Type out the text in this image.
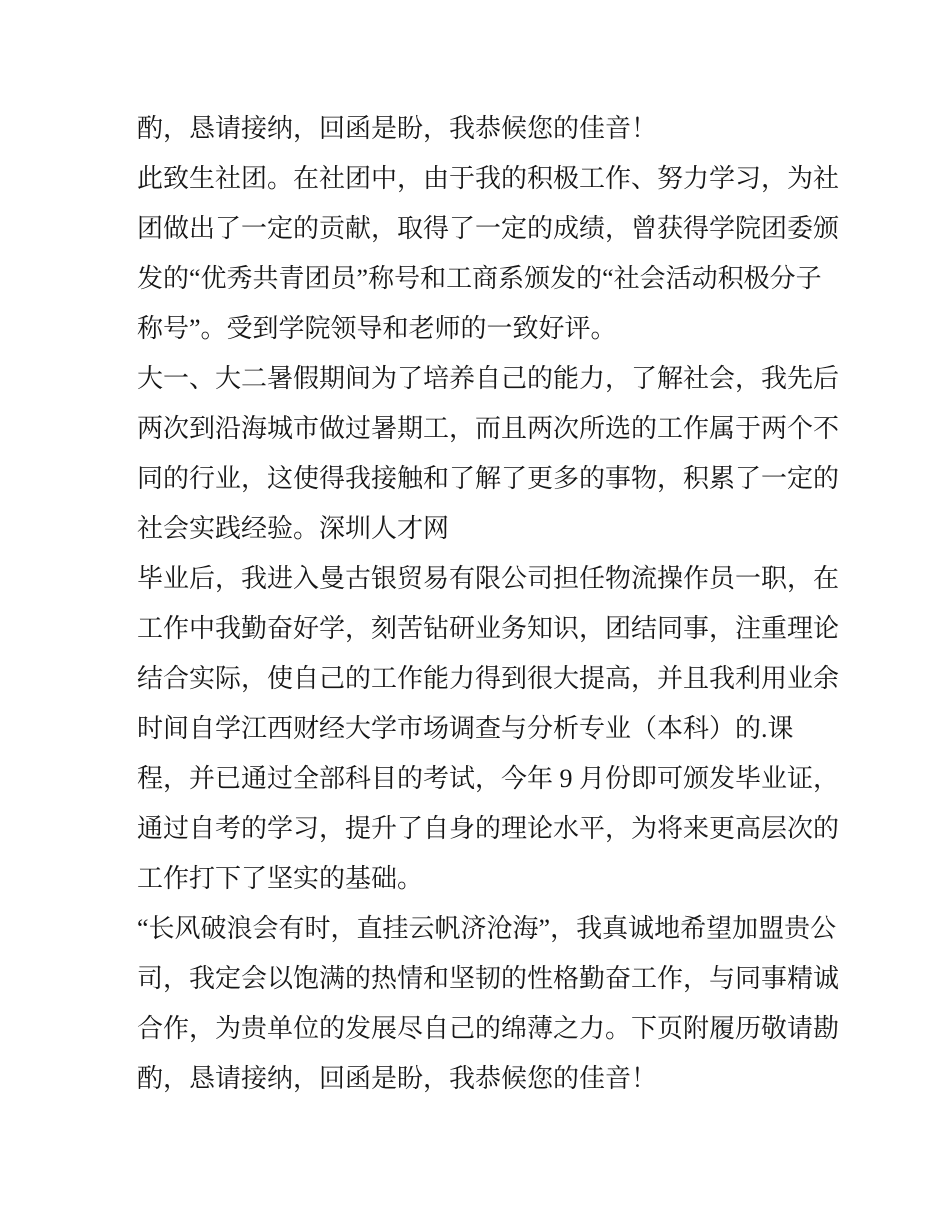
酌，恳请接纳，回函是盼，我恭候您的佳音！
此致生社团。在社团中，由于我的积极工作、努力学习，为社
团做出了一定的贡献，取得了一定的成绩，曾获得学院团委颁
发的“优秀共青团员”称号和工商系颁发的“社会活动积极分子
称号”。受到学院领导和老师的一致好评。
大一、大二暑假期间为了培养自己的能力，了解社会，我先后
两次到沿海城市做过暑期工，而且两次所选的工作属于两个不
同的行业，这使得我接触和了解了更多的事物，积累了一定的
社会实践经验。深圳人才网
毕业后，我进入曼古银贸易有限公司担任物流操作员一职，在
工作中我勤奋好学，刻苦钻研业务知识，团结同事，注重理论
结合实际，使自己的工作能力得到很大提高，并且我利用业余
时间自学江西财经大学市场调查与分析专业（本科）的.课
程，并已通过全部科目的考试，今年 9 月份即可颁发毕业证，
通过自考的学习，提升了自身的理论水平，为将来更高层次的
工作打下了坚实的基础。
“长风破浪会有时，直挂云帆济沧海”，我真诚地希望加盟贵公
司，我定会以饱满的热情和坚韧的性格勤奋工作，与同事精诚
合作，为贵单位的发展尽自己的绵薄之力。下页附履历敬请勘
酌，恳请接纳，回函是盼，我恭候您的佳音！
